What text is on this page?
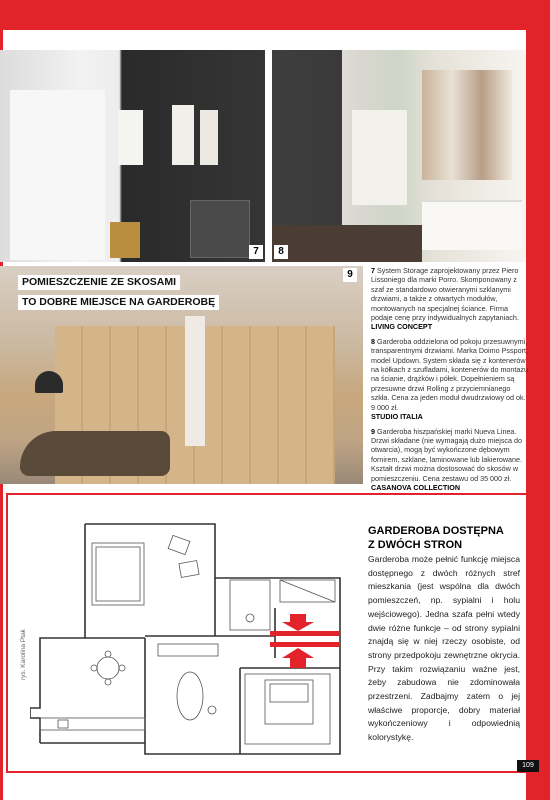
7	8
9
POMIESZCZENIE ZE SKOSAMI
TO DOBRE MIEJSCE NA GARDEROBĘ
7 System Storage zaprojektowany przez Piero Lissoniego dla marki Porro. Skomponowany z szaf ze standardowo otwieranymi szklanymi drzwiami, a także z otwartych modułów, montowanych na specjalnej ściance. Firma podaje cenę przy indywidualnych zapytaniach.
LIVING CONCEPT
8 Garderoba oddzielona od pokoju przesuwnymi, transparentnymi drzwiami. Marka Doimo Pssport, model Updown. System składa się z kontenerów na kółkach z szufladami, kontenerów do montażu na ścianie, drążków i półek. Dopełnieniem są przesuwne drzwi Rolling z przyciemnianego szkła. Cena za jeden moduł dwudrzwiowy od ok. 9 000 zł.
STUDIO ITALIA
9 Garderoba hiszpańskiej marki Nueva Linea. Drzwi składane (nie wymagają dużo miejsca do otwarcia), mogą być wykończone dębowym fornirem, szklane, laminowane lub lakierowane. Kształt drzwi można dostosować do skosów w pomieszczeniu. Cena zestawu od 35 000 zł.
CASANOVA COLLECTION
rys. Karolina Ptak
GARDEROBA DOSTĘPNA
Z DWÓCH STRON
Garderoba może pełnić funkcję miejsca dostępnego z dwóch różnych stref mieszkania (jest wspólna dla dwóch pomieszczeń, np. sypialni i holu wejściowego). Jedna szafa pełni wtedy dwie różne funkcje – od strony sypialni znajdą się w niej rzeczy osobiste, od strony przedpokoju zewnętrzne okrycia. Przy takim rozwiązaniu ważne jest, żeby zabudowa nie zdominowała przestrzeni. Zadbajmy zatem o jej właściwe proporcje, dobry materiał wykończeniowy i odpowiednią kolorystykę.
109
